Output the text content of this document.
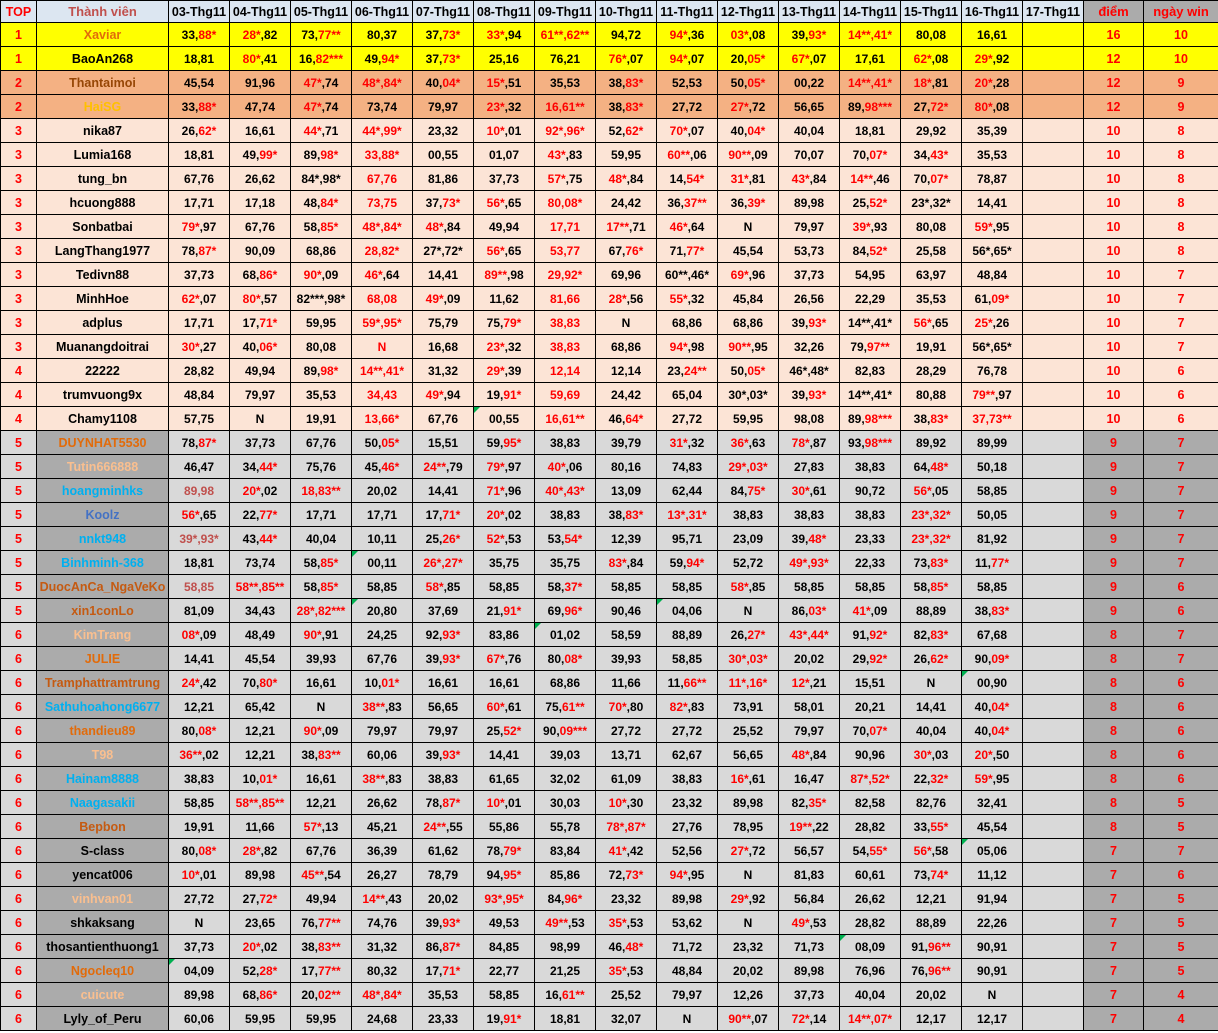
TOP	Thành viên	03-Thg11	04-Thg11	05-Thg11	06-Thg11	07-Thg11	08-Thg11	09-Thg11	10-Thg11	11-Thg11	12-Thg11	13-Thg11	14-Thg11	15-Thg11	16-Thg11	17-Thg11	điểm	ngày win
1	Xaviar	33,88*	28*,82	73,77**	80,37	37,73*	33*,94	61**,62**	94,72	94*,36	03*,08	39,93*	14**,41*	80,08	16,61		16	10
1	BaoAn268	18,81	80*,41	16,82***	49,94*	37,73*	25,16	76,21	76*,07	94*,07	20,05*	67*,07	17,61	62*,08	29*,92		12	10
2	Thantaimoi	45,54	91,96	47*,74	48*,84*	40,04*	15*,51	35,53	38,83*	52,53	50,05*	00,22	14**,41*	18*,81	20*,28		12	9
2	HaiSG	33,88*	47,74	47*,74	73,74	79,97	23*,32	16,61**	38,83*	27,72	27*,72	56,65	89,98***	27,72*	80*,08		12	9
3	nika87	26,62*	16,61	44*,71	44*,99*	23,32	10*,01	92*,96*	52,62*	70*,07	40,04*	40,04	18,81	29,92	35,39		10	8
3	Lumia168	18,81	49,99*	89,98*	33,88*	00,55	01,07	43*,83	59,95	60**,06	90**,09	70,07	70,07*	34,43*	35,53		10	8
3	tung_bn	67,76	26,62	84*,98*	67,76	81,86	37,73	57*,75	48*,84	14,54*	31*,81	43*,84	14**,46	70,07*	78,87		10	8
3	hcuong888	17,71	17,18	48,84*	73,75	37,73*	56*,65	80,08*	24,42	36,37**	36,39*	89,98	25,52*	23*,32*	14,41		10	8
3	Sonbatbai	79*,97	67,76	58,85*	48*,84*	48*,84	49,94	17,71	17**,71	46*,64	N	79,97	39*,93	80,08	59*,95		10	8
3	LangThang1977	78,87*	90,09	68,86	28,82*	27*,72*	56*,65	53,77	67,76*	71,77*	45,54	53,73	84,52*	25,58	56*,65*		10	8
3	Tedivn88	37,73	68,86*	90*,09	46*,64	14,41	89**,98	29,92*	69,96	60**,46*	69*,96	37,73	54,95	63,97	48,84		10	7
3	MinhHoe	62*,07	80*,57	82***,98*	68,08	49*,09	11,62	81,66	28*,56	55*,32	45,84	26,56	22,29	35,53	61,09*		10	7
3	adplus	17,71	17,71*	59,95	59*,95*	75,79	75,79*	38,83	N	68,86	68,86	39,93*	14**,41*	56*,65	25*,26		10	7
3	Muanangdoitrai	30*,27	40,06*	80,08	N	16,68	23*,32	38,83	68,86	94*,98	90**,95	32,26	79,97**	19,91	56*,65*		10	7
4	22222	28,82	49,94	89,98*	14**,41*	31,32	29*,39	12,14	12,14	23,24**	50,05*	46*,48*	82,83	28,29	76,78		10	6
4	trumvuong9x	48,84	79,97	35,53	34,43	49*,94	19,91*	59,69	24,42	65,04	30*,03*	39,93*	14**,41*	80,88	79**,97		10	6
4	Chamy1108	57,75	N	19,91	13,66*	67,76	00,55	16,61**	46,64*	27,72	59,95	98,08	89,98***	38,83*	37,73**		10	6
5	DUYNHAT5530	78,87*	37,73	67,76	50,05*	15,51	59,95*	38,83	39,79	31*,32	36*,63	78*,87	93,98***	89,92	89,99		9	7
5	Tutin666888	46,47	34,44*	75,76	45,46*	24**,79	79*,97	40*,06	80,16	74,83	29*,03*	27,83	38,83	64,48*	50,18		9	7
5	hoangminhks	89,98	20*,02	18,83**	20,02	14,41	71*,96	40*,43*	13,09	62,44	84,75*	30*,61	90,72	56*,05	58,85		9	7
5	Koolz	56*,65	22,77*	17,71	17,71	17,71*	20*,02	38,83	38,83*	13*,31*	38,83	38,83	38,83	23*,32*	50,05		9	7
5	nnkt948	39*,93*	43,44*	40,04	10,11	25,26*	52*,53	53,54*	12,39	95,71	23,09	39,48*	23,33	23*,32*	81,92		9	7
5	Binhminh-368	18,81	73,74	58,85*	00,11	26*,27*	35,75	35,75	83*,84	59,94*	52,72	49*,93*	22,33	73,83*	11,77*		9	7
5	DuocAnCa_NgaVeKo	58,85	58**,85**	58,85*	58,85	58*,85	58,85	58,37*	58,85	58,85	58*,85	58,85	58,85	58,85*	58,85		9	6
5	xin1conLo	81,09	34,43	28*,82***	20,80	37,69	21,91*	69,96*	90,46	04,06	N	86,03*	41*,09	88,89	38,83*		9	6
6	KimTrang	08*,09	48,49	90*,91	24,25	92,93*	83,86	01,02	58,59	88,89	26,27*	43*,44*	91,92*	82,83*	67,68		8	7
6	JULIE	14,41	45,54	39,93	67,76	39,93*	67*,76	80,08*	39,93	58,85	30*,03*	20,02	29,92*	26,62*	90,09*		8	7
6	Tramphattramtrung	24*,42	70,80*	16,61	10,01*	16,61	16,61	68,86	11,66	11,66**	11*,16*	12*,21	15,51	N	00,90		8	6
6	Sathuhoahong6677	12,21	65,42	N	38**,83	56,65	60*,61	75,61**	70*,80	82*,83	73,91	58,01	20,21	14,41	40,04*		8	6
6	thandieu89	80,08*	12,21	90*,09	79,97	79,97	25,52*	90,09***	27,72	27,72	25,52	79,97	70,07*	40,04	40,04*		8	6
6	T98	36**,02	12,21	38,83**	60,06	39,93*	14,41	39,03	13,71	62,67	56,65	48*,84	90,96	30*,03	20*,50		8	6
6	Hainam8888	38,83	10,01*	16,61	38**,83	38,83	61,65	32,02	61,09	38,83	16*,61	16,47	87*,52*	22,32*	59*,95		8	6
6	Naagasakii	58,85	58**,85**	12,21	26,62	78,87*	10*,01	30,03	10*,30	23,32	89,98	82,35*	82,58	82,76	32,41		8	5
6	Bepbon	19,91	11,66	57*,13	45,21	24**,55	55,86	55,78	78*,87*	27,76	78,95	19**,22	28,82	33,55*	45,54		8	5
6	S-class	80,08*	28*,82	67,76	36,39	61,62	78,79*	83,84	41*,42	52,56	27*,72	56,57	54,55*	56*,58	05,06		7	7
6	yencat006	10*,01	89,98	45**,54	26,27	78,79	94,95*	85,86	72,73*	94*,95	N	81,83	60,61	73,74*	11,12		7	6
6	vinhvan01	27,72	27,72*	49,94	14**,43	20,02	93*,95*	84,96*	23,32	89,98	29*,92	56,84	26,62	12,21	91,94		7	5
6	shkaksang	N	23,65	76,77**	74,76	39,93*	49,53	49**,53	35*,53	53,62	N	49*,53	28,82	88,89	22,26		7	5
6	thosantienthuong1	37,73	20*,02	38,83**	31,32	86,87*	84,85	98,99	46,48*	71,72	23,32	71,73	08,09	91,96**	90,91		7	5
6	Ngocleq10	04,09	52,28*	17,77**	80,32	17,71*	22,77	21,25	35*,53	48,84	20,02	89,98	76,96	76,96**	90,91		7	5
6	cuicute	89,98	68,86*	20,02**	48*,84*	35,53	58,85	16,61**	25,52	79,97	12,26	37,73	40,04	20,02	N		7	4
6	Lyly_of_Peru	60,06	59,95	59,95	24,68	23,33	19,91*	18,81	32,07	N	90**,07	72*,14	14**,07*	12,17	12,17		7	4
